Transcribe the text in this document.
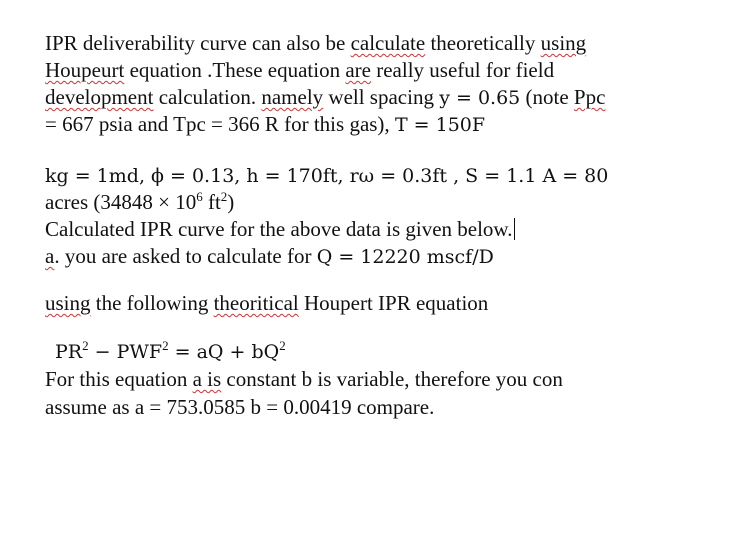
IPR deliverability curve can also be calculate theoretically using
Houpeurt equation .These equation are really useful for field
development calculation. namely well spacing y = 0.65 (note Ppc
= 667 psia and Tpc = 366 R for this gas), T = 150F
kg = 1md, ϕ = 0.13, h = 170ft, rω = 0.3ft , S = 1.1 A = 80
acres ($34848 \times 10^6$ $ft^2$)
Calculated IPR curve for the above data is given below.
a. you are asked to calculate for Q = 12220 mscf/D
using the following theoritical Houpert IPR equation
$PR^2 - PWF^2$ = aQ + $bQ^2$
For this equation a is constant b is variable, therefore you con
assume as a = 753.0585 b = 0.00419 compare.
